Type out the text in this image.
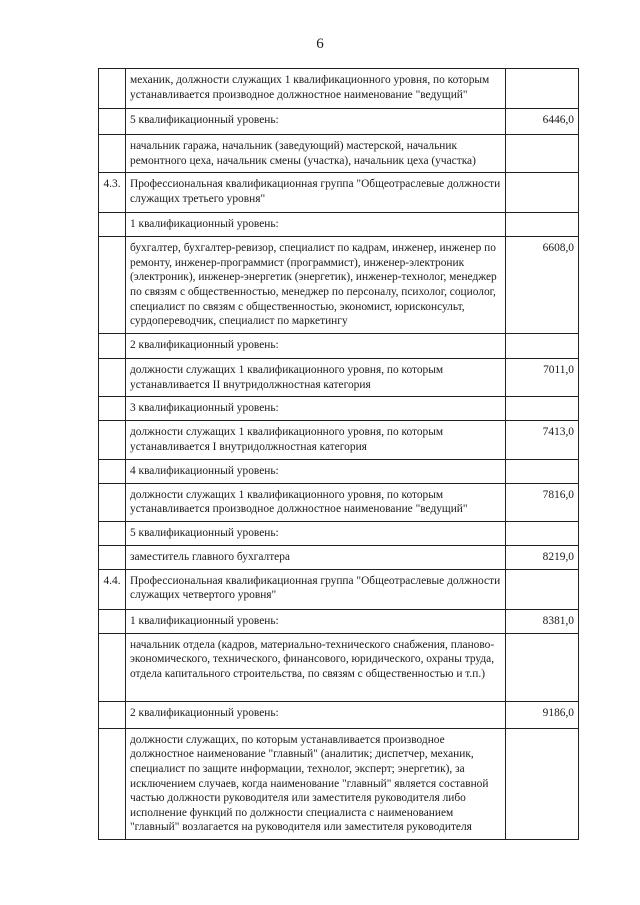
6
	механик, должности служащих 1 квалификационного уровня, по которым устанавливается производное должностное наименование "ведущий"	
	5 квалификационный уровень:	6446,0
	начальник гаража, начальник (заведующий) мастерской, начальник ремонтного цеха, начальник смены (участка), начальник цеха (участка)	
4.3.	Профессиональная квалификационная группа "Общеотраслевые должности служащих третьего уровня"	
	1 квалификационный уровень:	
	бухгалтер, бухгалтер-ревизор, специалист по кадрам, инженер, инженер по ремонту, инженер-программист (программист), инженер-электроник (электроник), инженер-энергетик (энергетик), инженер-технолог, менеджер по связям с общественностью, менеджер по персоналу, психолог, социолог, специалист по связям с общественностью, экономист, юрисконсульт, сурдопереводчик, специалист по маркетингу	6608,0
	2 квалификационный уровень:	
	должности служащих 1 квалификационного уровня, по которым устанавливается II внутридолжностная категория	7011,0
	3 квалификационный уровень:	
	должности служащих 1 квалификационного уровня, по которым устанавливается I внутридолжностная категория	7413,0
	4 квалификационный уровень:	
	должности служащих 1 квалификационного уровня, по которым устанавливается производное должностное наименование "ведущий"	7816,0
	5 квалификационный уровень:	
	заместитель главного бухгалтера	8219,0
4.4.	Профессиональная квалификационная группа "Общеотраслевые должности служащих четвертого уровня"	
	1 квалификационный уровень:	8381,0
	начальник отдела (кадров, материально-технического снабжения, планово-экономического, технического, финансового, юридического, охраны труда, отдела капитального строительства, по связям с общественностью и т.п.)	
	2 квалификационный уровень:	9186,0
	должности служащих, по которым устанавливается производное должностное наименование "главный" (аналитик; диспетчер, механик, специалист по защите информации, технолог, эксперт; энергетик), за исключением случаев, когда наименование "главный" является составной частью должности руководителя или заместителя руководителя либо исполнение функций по должности специалиста с наименованием "главный" возлагается на руководителя или заместителя руководителя	
